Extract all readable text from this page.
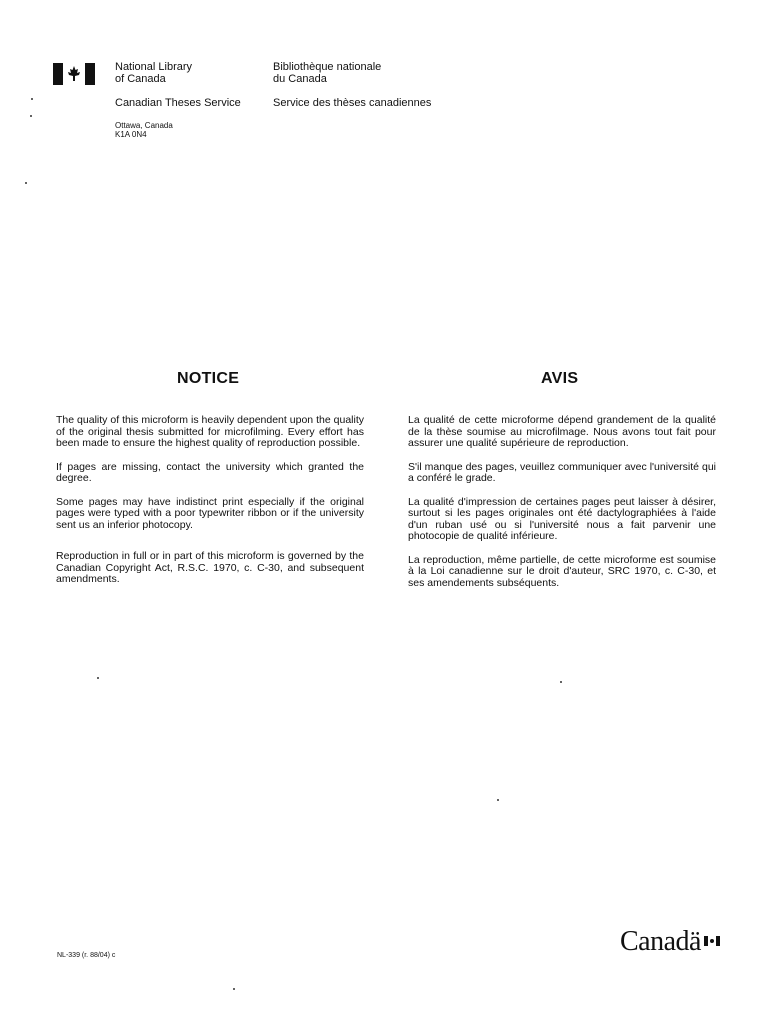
National Library
of Canada
Bibliothèque nationale
du Canada
Canadian Theses Service	Service des thèses canadiennes
Ottawa, Canada
K1A 0N4
NOTICE	AVIS

The quality of this microform is heavily dependent upon the quality of the original thesis submitted for microfilming. Every effort has been made to ensure the highest quality of reproduction possible.

If pages are missing, contact the university which granted the degree.

Some pages may have indistinct print especially if the original pages were typed with a poor typewriter ribbon or if the university sent us an inferior photocopy.

Reproduction in full or in part of this microform is governed by the Canadian Copyright Act, R.S.C. 1970, c. C-30, and subsequent amendments.

La qualité de cette microforme dépend grandement de la qualité de la thèse soumise au microfilmage. Nous avons tout fait pour assurer une qualité supérieure de reproduction.

S'il manque des pages, veuillez communiquer avec l'université qui a conféré le grade.

La qualité d'impression de certaines pages peut laisser à désirer, surtout si les pages originales ont été dactylographiées à l'aide d'un ruban usé ou si l'université nous a fait parvenir une photocopie de qualité inférieure.

La reproduction, même partielle, de cette microforme est soumise à la Loi canadienne sur le droit d'auteur, SRC 1970, c. C-30, et ses amendements subséquents.

NL-339 (r. 88/04) c	Canadä
